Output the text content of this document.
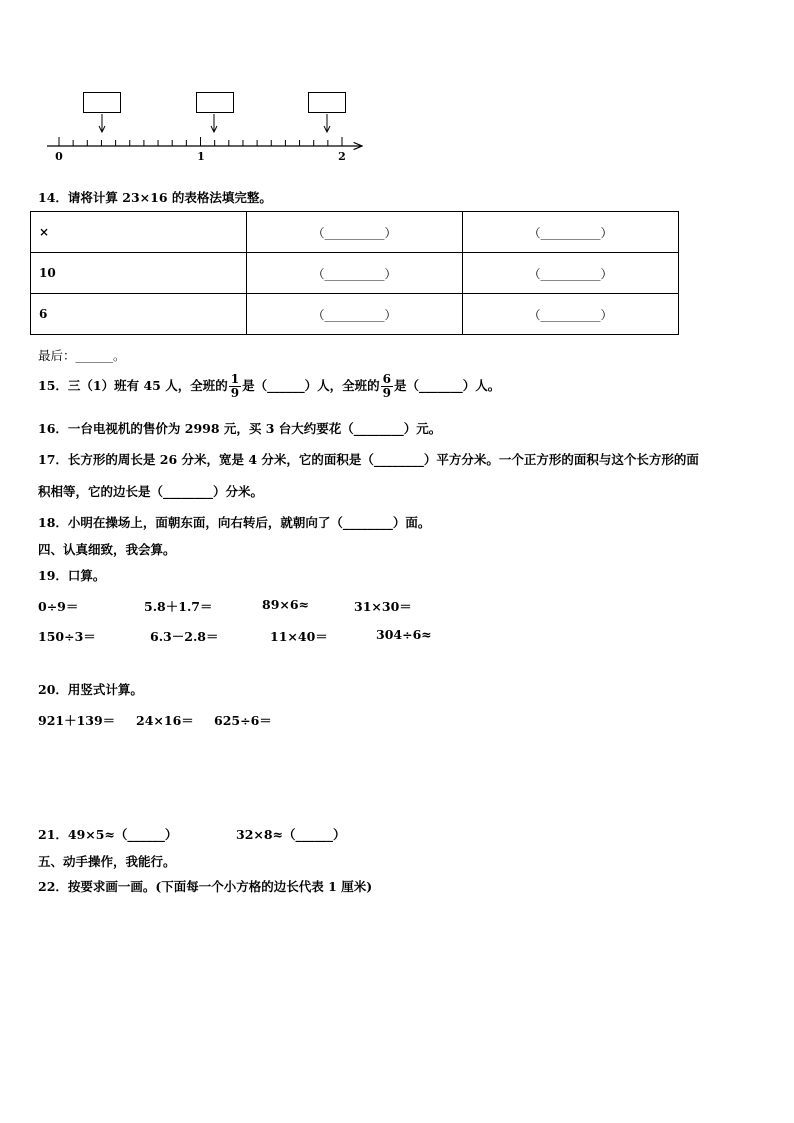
0	1	2
14．请将计算 23×16 的表格法填完整。
×	（__________）	（__________）
10	（__________）	（__________）
6	（__________）	（__________）
最后：______。
15．三（1）班有 45 人，全班的 $\frac{1}{9}$ 是（______）人，全班的 $\frac{6}{9}$ 是（_______）人。
16．一台电视机的售价为 2998 元，买 3 台大约要花（________）元。
17．长方形的周长是 26 分米，宽是 4 分米，它的面积是（________）平方分米。一个正方形的面积与这个长方形的面
积相等，它的边长是（________）分米。
18．小明在操场上，面朝东面，向右转后，就朝向了（________）面。
四、认真细致，我会算。
19．口算。
0÷9＝	5.8＋1.7＝	89×6≈	31×30＝
150÷3＝	6.3－2.8＝	11×40＝	304÷6≈
20．用竖式计算。
921＋139＝ 24×16＝ 625÷6＝
21．49×5≈（______）	32×8≈（______）
五、动手操作，我能行。
22．按要求画一画。(下面每一个小方格的边长代表 1 厘米)
